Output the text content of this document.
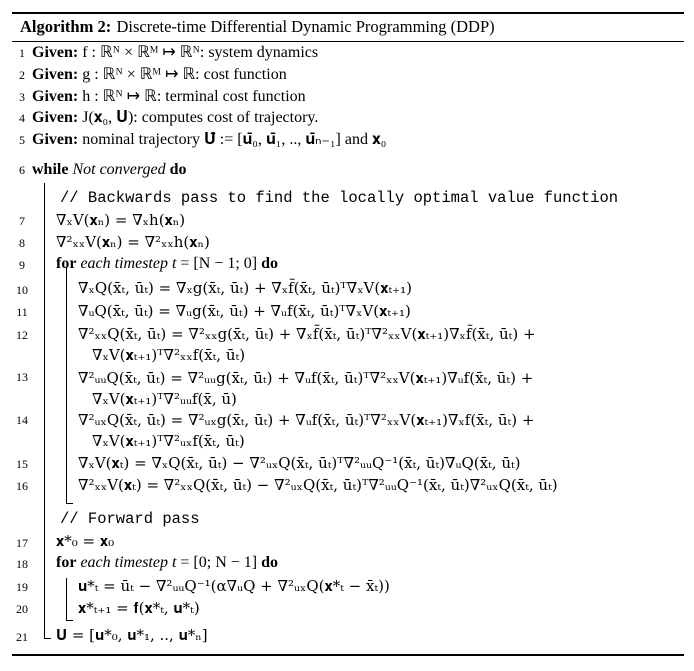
Algorithm 2: Discrete-time Differential Dynamic Programming (DDP)
1 Given: f : ℝᴺ × ℝᴹ ↦ ℝᴺ: system dynamics
2 Given: g : ℝᴺ × ℝᴹ ↦ ℝ: cost function
3 Given: h : ℝᴺ ↦ ℝ: terminal cost function
4 Given: J(𝐱₀, 𝐔): computes cost of trajectory.
5 Given: nominal trajectory 𝐔̄ := [𝐮̄₀, 𝐮̄₁, .., 𝐮̄ₙ₋₁] and 𝐱₀
6 while Not converged do
// Backwards pass to find the locally optimal value function
7	∇ₓV(𝐱ₙ) = ∇ₓh(𝐱ₙ)
8	∇²ₓₓV(𝐱ₙ) = ∇²ₓₓh(𝐱ₙ)
9	for each timestep t = [N − 1; 0] do
10	∇ₓQ(x̄ₜ, ūₜ) = ∇ₓg(x̄ₜ, ūₜ) + ∇ₓf̃(x̄ₜ, ūₜ)ᵀ∇ₓV(𝐱ₜ₊₁)
11	∇ᵤQ(x̄ₜ, ūₜ) = ∇ᵤg(x̄ₜ, ūₜ) + ∇ᵤf(x̄ₜ, ūₜ)ᵀ∇ₓV(𝐱ₜ₊₁)
12	∇²ₓₓQ(x̄ₜ, ūₜ) = ∇²ₓₓg(x̄ₜ, ūₜ) + ∇ₓf̃(x̄ₜ, ūₜ)ᵀ∇²ₓₓV(𝐱ₜ₊₁)∇ₓf̃(x̄ₜ, ūₜ) +
∇ₓV(𝐱ₜ₊₁)ᵀ∇²ₓₓf(x̄ₜ, ūₜ)
13	∇²ᵤᵤQ(x̄ₜ, ūₜ) = ∇²ᵤᵤg(x̄ₜ, ūₜ) + ∇ᵤf(x̄ₜ, ūₜ)ᵀ∇²ₓₓV(𝐱ₜ₊₁)∇ᵤf(x̄ₜ, ūₜ) +
∇ₓV(𝐱ₜ₊₁)ᵀ∇²ᵤᵤf(x̄, ū)
14	∇²ᵤₓQ(x̄ₜ, ūₜ) = ∇²ᵤₓg(x̄ₜ, ūₜ) + ∇ᵤf(x̄ₜ, ūₜ)ᵀ∇²ₓₓV(𝐱ₜ₊₁)∇ₓf(x̄ₜ, ūₜ) +
∇ₓV(𝐱ₜ₊₁)ᵀ∇²ᵤₓf(x̄ₜ, ūₜ)
15	∇ₓV(𝐱ₜ) = ∇ₓQ(x̄ₜ, ūₜ) − ∇²ᵤₓQ(x̄ₜ, ūₜ)ᵀ∇²ᵤᵤQ⁻¹(x̄ₜ, ūₜ)∇ᵤQ(x̄ₜ, ūₜ)
16	∇²ₓₓV(𝐱ₜ) = ∇²ₓₓQ(x̄ₜ, ūₜ) − ∇²ᵤₓQ(x̄ₜ, ūₜ)ᵀ∇²ᵤᵤQ⁻¹(x̄ₜ, ūₜ)∇²ᵤₓQ(x̄ₜ, ūₜ)
// Forward pass
17 𝐱*₀ = 𝐱₀
18 for each timestep t = [0; N − 1] do
19	𝐮*ₜ = ūₜ − ∇²ᵤᵤQ⁻¹(α∇ᵤQ + ∇²ᵤₓQ(𝐱*ₜ − x̄ₜ))
20	𝐱*ₜ₊₁ = 𝐟(𝐱*ₜ, 𝐮*ₜ)
21 𝐔 = [𝐮*₀, 𝐮*₁, .., 𝐮*ₙ]
